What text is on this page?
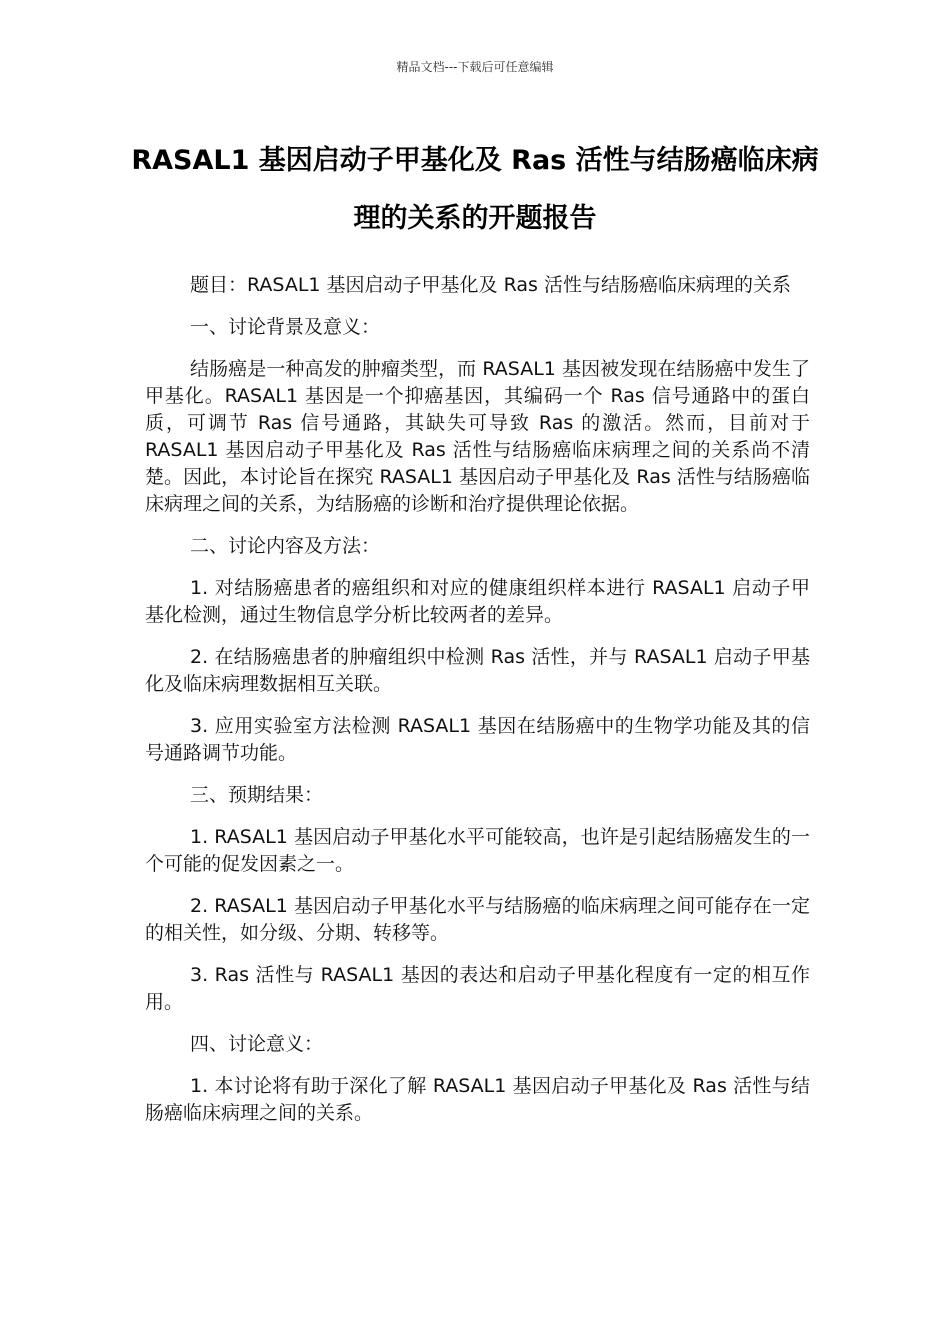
精品文档---下载后可任意编辑
RASAL1 基因启动子甲基化及 Ras 活性与结肠癌临床病理的关系的开题报告

题目：RASAL1 基因启动子甲基化及 Ras 活性与结肠癌临床病理的关系

一、讨论背景及意义：

结肠癌是一种高发的肿瘤类型，而 RASAL1 基因被发现在结肠癌中发生了甲基化。RASAL1 基因是一个抑癌基因，其编码一个 Ras 信号通路中的蛋白质，可调节 Ras 信号通路，其缺失可导致 Ras 的激活。然而，目前对于 RASAL1 基因启动子甲基化及 Ras 活性与结肠癌临床病理之间的关系尚不清楚。因此，本讨论旨在探究 RASAL1 基因启动子甲基化及 Ras 活性与结肠癌临床病理之间的关系，为结肠癌的诊断和治疗提供理论依据。

二、讨论内容及方法：

1. 对结肠癌患者的癌组织和对应的健康组织样本进行 RASAL1 启动子甲基化检测，通过生物信息学分析比较两者的差异。

2. 在结肠癌患者的肿瘤组织中检测 Ras 活性，并与 RASAL1 启动子甲基化及临床病理数据相互关联。

3. 应用实验室方法检测 RASAL1 基因在结肠癌中的生物学功能及其的信号通路调节功能。

三、预期结果：

1. RASAL1 基因启动子甲基化水平可能较高，也许是引起结肠癌发生的一个可能的促发因素之一。

2. RASAL1 基因启动子甲基化水平与结肠癌的临床病理之间可能存在一定的相关性，如分级、分期、转移等。

3. Ras 活性与 RASAL1 基因的表达和启动子甲基化程度有一定的相互作用。

四、讨论意义：

1. 本讨论将有助于深化了解 RASAL1 基因启动子甲基化及 Ras 活性与结肠癌临床病理之间的关系。
